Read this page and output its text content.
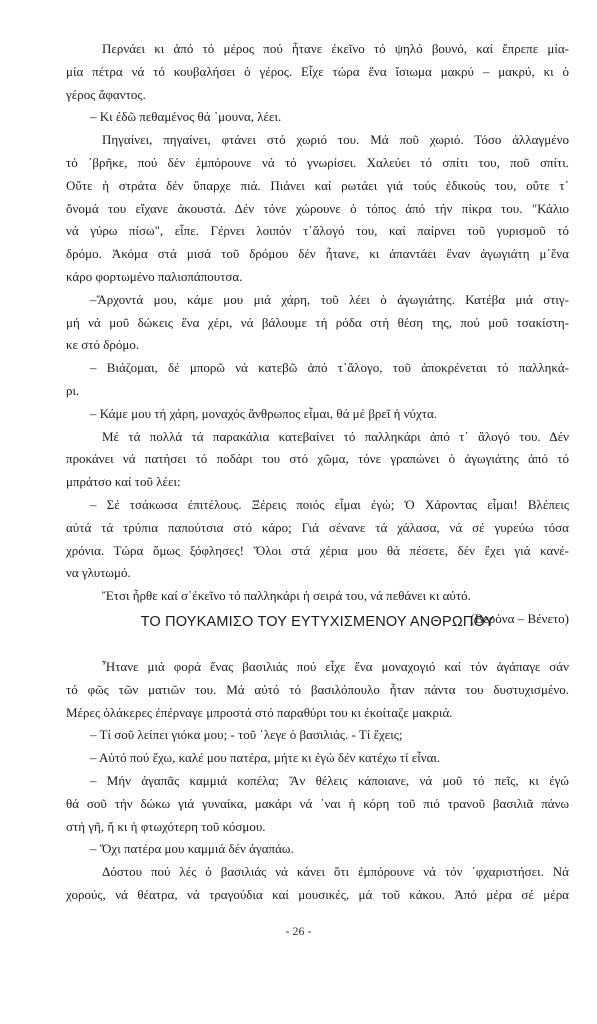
Περνάει κι ἀπό τό μέρος πού ἦτανε ἐκεῖνο τό ψηλό βουνό, καί ἔπρεπε μία-
μία πέτρα νά τό κουβαλήσει ὁ γέρος. Εἶχε τώρα ἕνα ἴσιωμα μακρύ – μακρύ, κι ὁ
γέρος ἄφαντος.
– Κι ἐδῶ πεθαμένος θά ᾽μουνα, λέει.
Πηγαίνει, πηγαίνει, φτάνει στό χωριό του. Μά ποῦ χωριό. Τόσο ἀλλαγμένο
τό ᾽βρῆκε, πού δέν ἐμπόρουνε νά τό γνωρίσει. Χαλεύει τό σπίτι του, ποῦ σπίτι.
Οὔτε ἡ στράτα δέν ὕπαρχε πιά. Πιάνει καί ρωτάει γιά τούς ἐδικούς του, οὔτε τ᾽
ὄνομά του εἴχανε ἀκουστά. Δέν τόνε χώρουνε ὁ τόπος ἀπό τήν πίκρα του. "Κάλιο
νά γύρω πίσω", εἶπε. Γέρνει λοιπόν τ᾽ἄλογό του, καί παίρνει τοῦ γυρισμοῦ τό
δρόμο. Ἀκόμα στά μισά τοῦ δρόμου δέν ἦτανε, κι ἀπαντάει ἕναν ἀγωγιάτη μ᾽ἕνα
κάρο φορτωμένο παλιοπάπουτσα.
–Ἄρχοντά μου, κάμε μου μιά χάρη, τοῦ λέει ὁ ἀγωγιάτης. Κατέβα μιά στιγ-
μή νά μοῦ δώκεις ἕνα χέρι, νά βάλουμε τή ρόδα στή θέση της, πού μοῦ τσακίστη-
κε στό δρόμο.
– Βιάζομαι, δέ μπορῶ νά κατεβῶ ἀπό τ᾽ἄλογο, τοῦ ἀποκρένεται τό παλληκά-
ρι.
– Κάμε μου τή χάρη, μοναχός ἄνθρωπος εἶμαι, θά μέ βρεῖ ἡ νύχτα.
Μέ τά πολλά τά παρακάλια κατεβαίνει τό παλληκάρι ἀπό τ᾽ ἄλογό του. Δέν
προκάνει νά πατήσει τό ποδάρι του στό χῶμα, τόνε γραπώνει ὁ ἀγωγιάτης ἀπό τό
μπράτσο καί τοῦ λέει:
– Σέ τσάκωσα ἐπιτέλους. Ξέρεις ποιός εἶμαι ἐγώ; Ὁ Χάροντας εἶμαι! Βλέπεις
αὐτά τά τρύπια παπούτσια στό κάρο; Γιά σένανε τά χάλασα, νά σέ γυρεύω τόσα
χρόνια. Τώρα ὅμως ξόφλησες! Ὅλοι στά χέρια μου θά πέσετε, δέν ἔχει γιά κανέ-
να γλυτωμό.
Ἔτσι ἦρθε καί σ᾽ἐκεῖνο τό παλληκάρι ἡ σειρά του, νά πεθάνει κι αὐτό.
(Βερόνα – Βένετο)
ΤΟ ΠΟΥΚΑΜΙΣΟ ΤΟΥ ΕΥΤΥΧΙΣΜΕΝΟΥ ΑΝΘΡΩΠΟΥ
Ἦτανε μιά φορά ἕνας βασιλιάς πού εἶχε ἕνα μοναχογιό καί τόν ἀγάπαγε σάν
τό φῶς τῶν ματιῶν του. Μά αὐτό τό βασιλόπουλο ἦταν πάντα του δυστυχισμένο.
Μέρες ὁλάκερες ἐπέρναγε μπροστά στό παραθύρι του κι ἐκοίταζε μακριά.
– Τί σοῦ λείπει γιόκα μου; - τοῦ ᾽λεγε ὁ βασιλιάς. - Τί ἔχεις;
– Αὐτό πού ἔχω, καλέ μου πατέρα, μήτε κι ἐγώ δέν κατέχω τί εἶναι.
– Μήν ἀγαπᾶς καμμιά κοπέλα; Ἄν θέλεις κάποιανε, νά μοῦ τό πεῖς, κι ἐγώ
θά σοῦ τήν δώκω γιά γυναίκα, μακάρι νά ᾽ναι ἡ κόρη τοῦ πιό τρανοῦ βασιλιᾶ πάνω
στή γῆ, ἤ κι ἡ φτωχότερη τοῦ κόσμου.
– Ὄχι πατέρα μου καμμιά δέν ἀγαπάω.
Δόστου πού λές ὁ βασιλιάς νά κάνει ὅτι ἐμπόρουνε νά τόν ᾽φχαριστήσει. Νά
χορούς, νά θέατρα, νά τραγούδια καί μουσικές, μά τοῦ κάκου. Ἀπό μέρα σέ μέρα
- 26 -
